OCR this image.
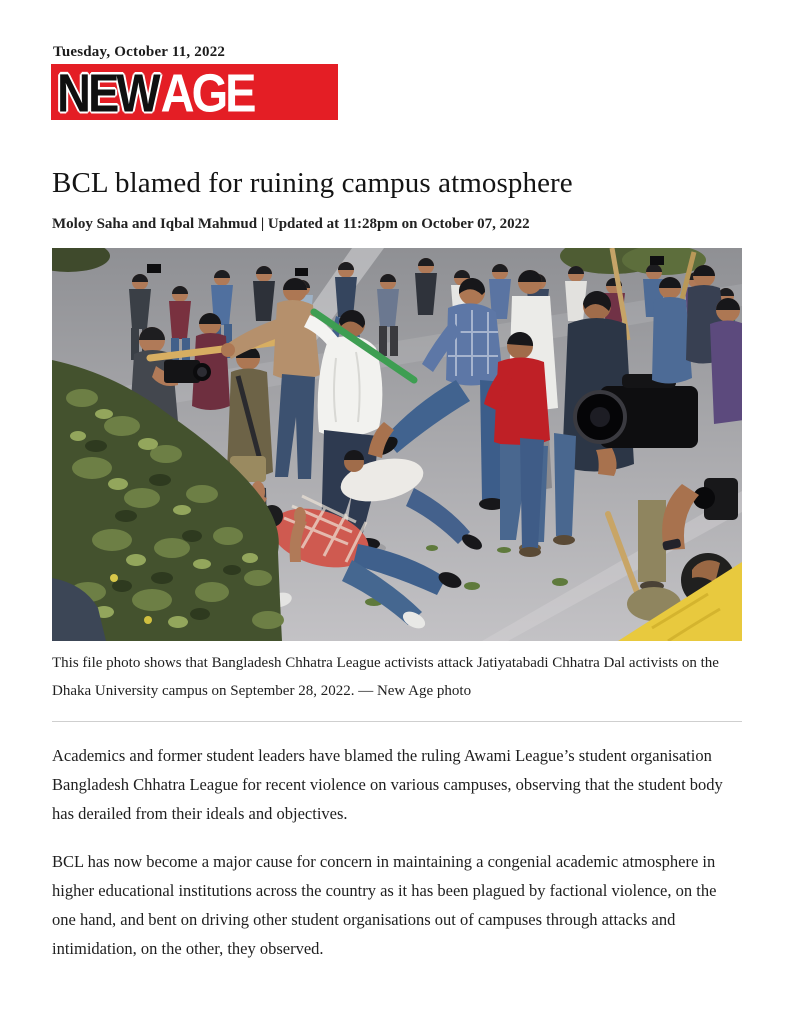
Tuesday, October 11, 2022
NEW AGE
BCL blamed for ruining campus atmosphere
Moloy Saha and Iqbal Mahmud | Updated at 11:28pm on October 07, 2022
This file photo shows that Bangladesh Chhatra League activists attack Jatiyatabadi Chhatra Dal activists on the Dhaka University campus on September 28, 2022. — New Age photo

Academics and former student leaders have blamed the ruling Awami League’s student organisation Bangladesh Chhatra League for recent violence on various campuses, observing that the student body has derailed from their ideals and objectives.

BCL has now become a major cause for concern in maintaining a congenial academic atmosphere in higher educational institutions across the country as it has been plagued by factional violence, on the one hand, and bent on driving other student organisations out of campuses through attacks and intimidation, on the other, they observed.
